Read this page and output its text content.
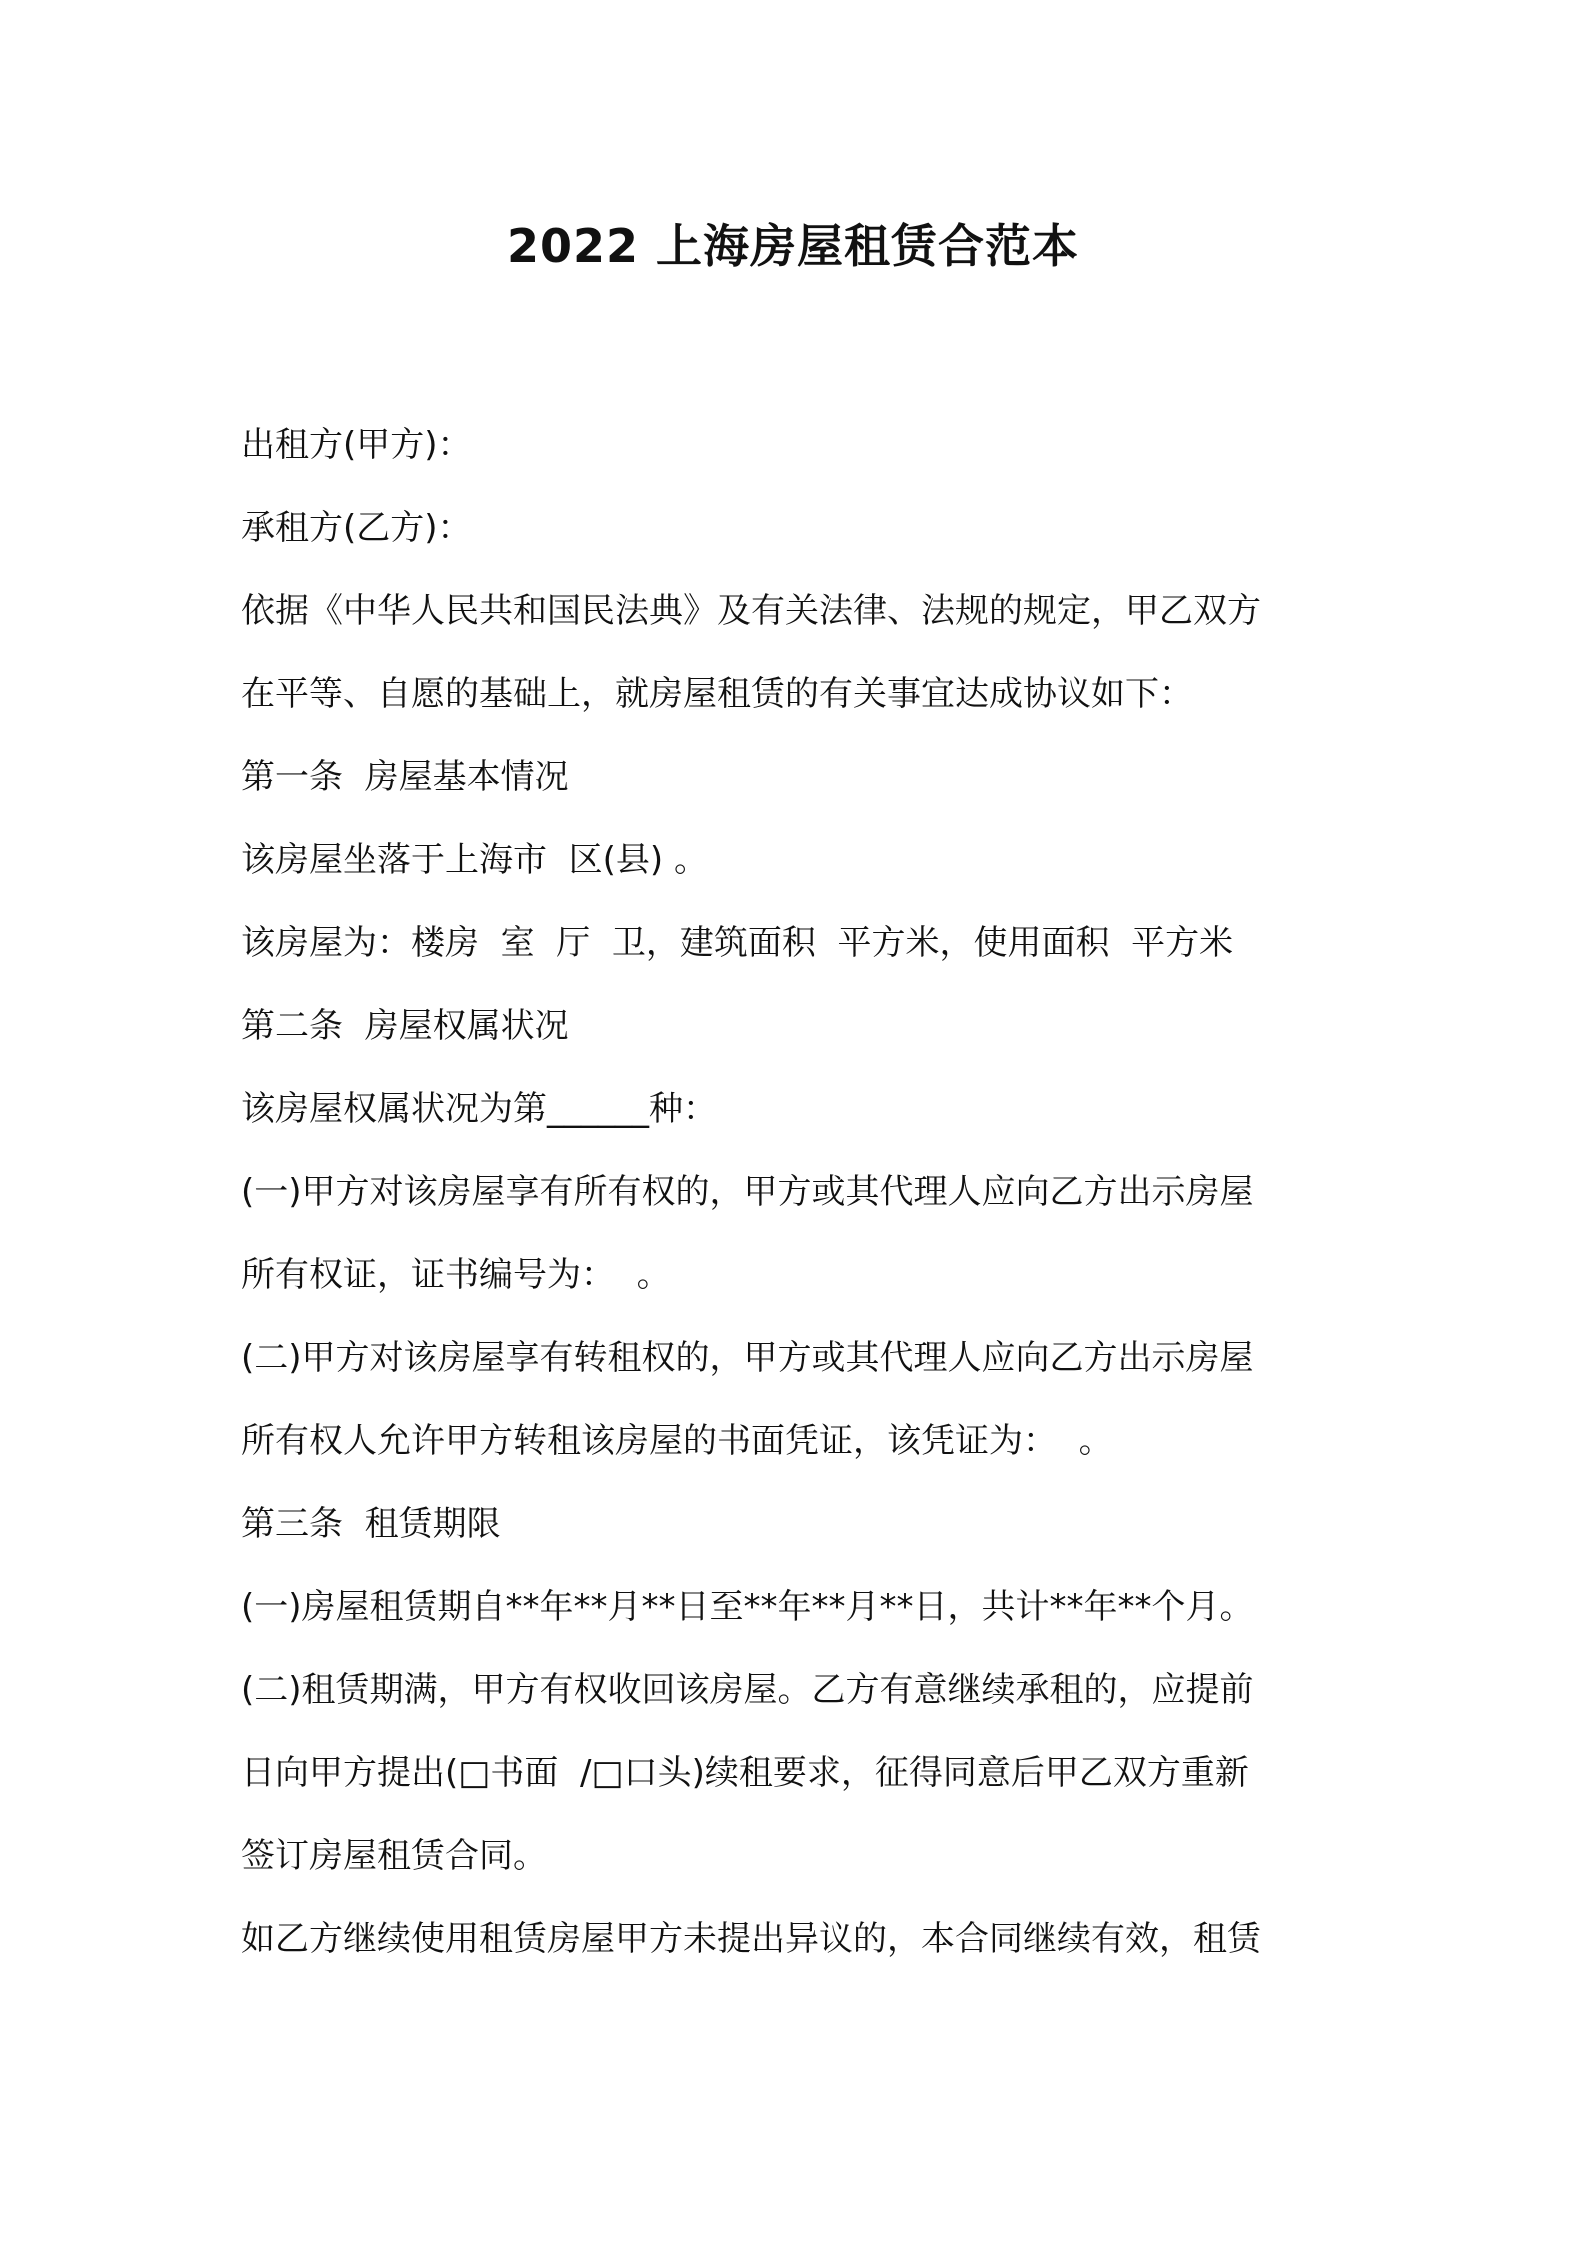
2022 上海房屋租赁合范本
出租方(甲方)：
承租方(乙方)：
依据《中华人民共和国民法典》及有关法律、法规的规定，甲乙双方
在平等、自愿的基础上，就房屋租赁的有关事宜达成协议如下：
第一条  房屋基本情况
该房屋坐落于上海市  区(县) 。
该房屋为：楼房  室  厅  卫，建筑面积  平方米，使用面积  平方米
第二条  房屋权属状况
该房屋权属状况为第______种：
(一)甲方对该房屋享有所有权的，甲方或其代理人应向乙方出示房屋
所有权证，证书编号为：  。
(二)甲方对该房屋享有转租权的，甲方或其代理人应向乙方出示房屋
所有权人允许甲方转租该房屋的书面凭证，该凭证为：  。
第三条  租赁期限
(一)房屋租赁期自**年**月**日至**年**月**日，共计**年**个月。
(二)租赁期满，甲方有权收回该房屋。乙方有意继续承租的，应提前
日向甲方提出(□书面  /□口头)续租要求，征得同意后甲乙双方重新
签订房屋租赁合同。
如乙方继续使用租赁房屋甲方未提出异议的，本合同继续有效，租赁
